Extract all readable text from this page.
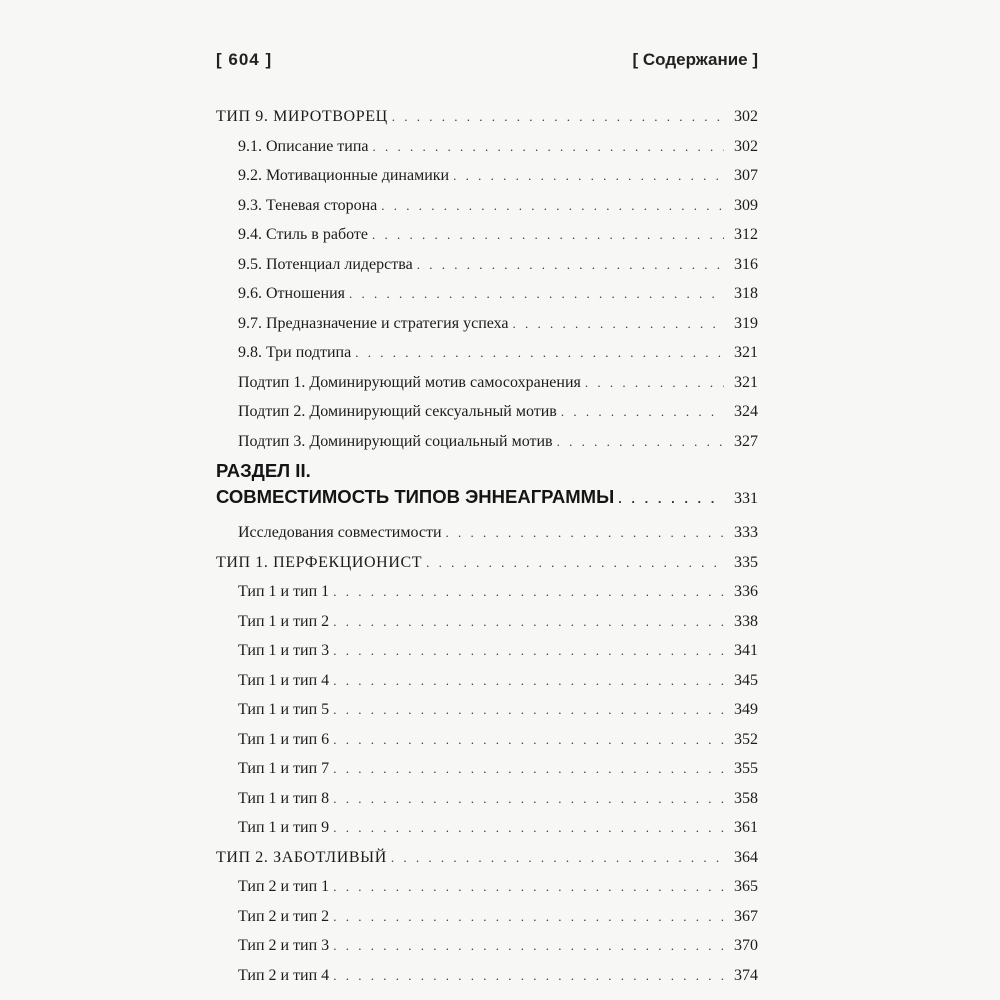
[ 604 ]	[ Содержание ]
ТИП 9. МИРОТВОРЕЦ . . .	302
9.1. Описание типа . . .	302
9.2. Мотивационные динамики . . .	307
9.3. Теневая сторона . . .	309
9.4. Стиль в работе . . .	312
9.5. Потенциал лидерства . . .	316
9.6. Отношения . . .	318
9.7. Предназначение и стратегия успеха . . .	319
9.8. Три подтипа . . .	321
Подтип 1. Доминирующий мотив самосохранения . . .	321
Подтип 2. Доминирующий сексуальный мотив . . .	324
Подтип 3. Доминирующий социальный мотив . . .	327
РАЗДЕЛ II.
СОВМЕСТИМОСТЬ ТИПОВ ЭННЕАГРАММЫ . . .	331
Исследования совместимости . . .	333
ТИП 1. ПЕРФЕКЦИОНИСТ . . .	335
Тип 1 и тип 1 . . .	336
Тип 1 и тип 2 . . .	338
Тип 1 и тип 3 . . .	341
Тип 1 и тип 4 . . .	345
Тип 1 и тип 5 . . .	349
Тип 1 и тип 6 . . .	352
Тип 1 и тип 7 . . .	355
Тип 1 и тип 8 . . .	358
Тип 1 и тип 9 . . .	361
ТИП 2. ЗАБОТЛИВЫЙ . . .	364
Тип 2 и тип 1 . . .	365
Тип 2 и тип 2 . . .	367
Тип 2 и тип 3 . . .	370
Тип 2 и тип 4 . . .	374
